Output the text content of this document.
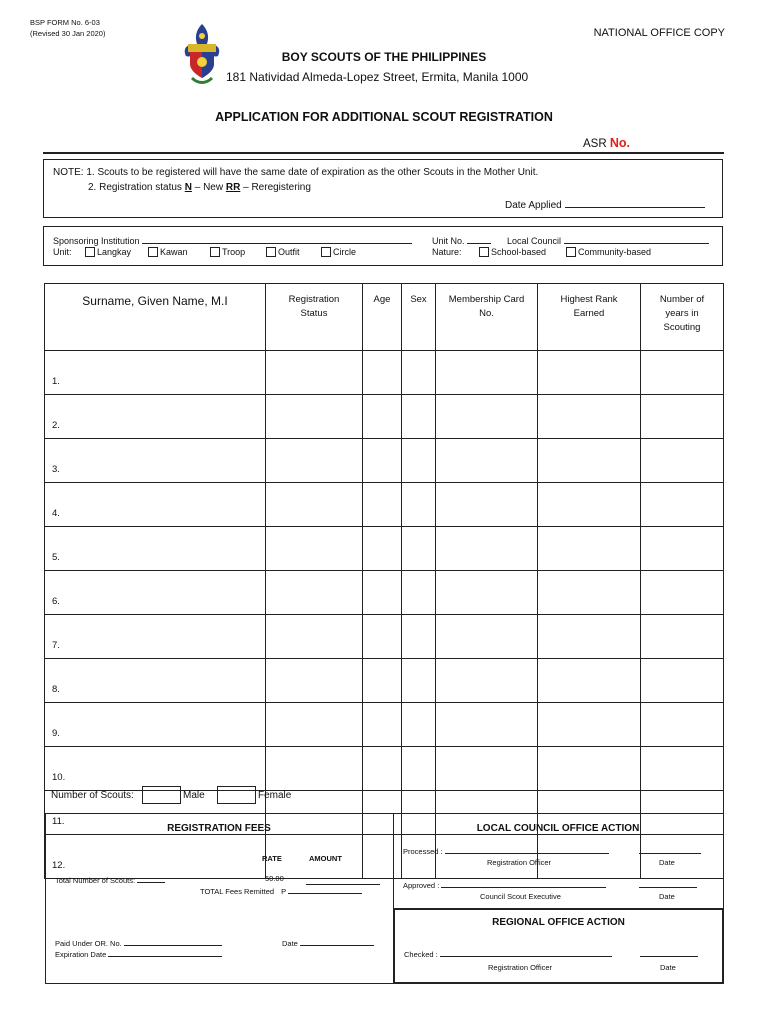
BSP FORM No. 6-03
(Revised 30 Jan 2020)	NATIONAL OFFICE COPY
BOY SCOUTS OF THE PHILIPPINES
181 Natividad Almeda-Lopez Street, Ermita, Manila 1000
APPLICATION FOR ADDITIONAL SCOUT REGISTRATION
ASR No.
NOTE: 1. Scouts to be registered will have the same date of expiration as the other Scouts in the Mother Unit.
2. Registration status N – New RR – Reregistering
Date Applied
Sponsoring Institution	Unit No.	Local Council
Unit:	Langkay	Kawan	Troop	Outfit	Circle	Nature:	School-based	Community-based
Surname, Given Name, M.I	Registration Status	Age	Sex	Membership Card No.	Highest Rank Earned	Number of years in Scouting

1.						
2.						
3.						
4.						
5.						
6.						
7.						
8.						
9.						
10.						
11.						
12.						
Number of Scouts:	Male	Female
REGISTRATION FEES
RATE	AMOUNT
Total Number of Scouts:	50.00
TOTAL Fees Remitted P
Paid Under OR. No.	Date
Expiration Date
LOCAL COUNCIL OFFICE ACTION
Processed :
Registration Officer	Date
Approved :
Council Scout Executive	Date
REGIONAL OFFICE ACTION
Checked :
Registration Officer	Date
